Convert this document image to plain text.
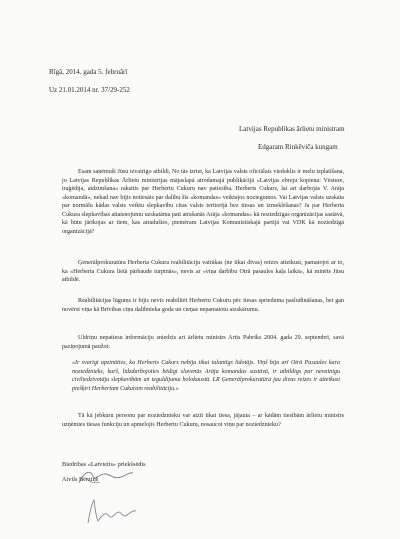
Rīgā, 2014. gada 5. februārī
Uz 21.01.2014 nr. 37/29-252
Latvijas Republikas ārlietu ministram
Edgaram Rinkēviča kungam
Esam saņēmuši Jūsu izvairīgo atbildi. No tās izriet, ka Latvijas valsts oficiālais viedoklis ir melu izplatīšana, jo Latvijas Republikas Ārlietu ministrijas mājaslapā atrodamajā publikācijā «Latvijas ebreju kopiena: Vēsture, traģēdija, atdzimšana» rakstīts par Herbertu Cukuru nav patiesība. Herberts Cukurs, lai arī darbojās V. Arāja «komandā», nekad nav bijis notiesāts par dalību šīs «komandas» veiktajos noziegumos. Vai Latvijas valsts uzskata par normālu kādas valsts veiktu slepkavību citas valsts teritorijā bez tiesas un izmeklēšanas? Ja par Herberta Cukura slepkavības attaisnojumu uzskatāma pati atrašanās Arāja «komandas» kā noziedzīgas organizācijas sastāvā, kā būtu jārīkojas ar tiem, kas atradušies, piemēram Latvijas Komunistiskajā partijā vai VDK kā noziedzīgā organizācijā?
Ģenerālprokuratūra Herberta Cukura reabilitāciju vairākas (ne tikai divas) reizes atteikusi, pamatojot ar to, ka «Herberta Cukura lietā pārbaude turpinās», nevis ar «viņa darbību Otrā pasaules kaļa laikā», kā minēts Jūsu atbildē.
Reabilitācijas lūgums ir bijis nevis reabilitēt Herbertu Cukuru pēc tiesas sprieduma pasludināšanas, bet gan novērst viņa kā Brīvības cīņu dalībnieka goda un cieņas nepamatotu aizskārumu.
Uldriņu nepatiesu informāciju sniedzis arī ārlietu ministrs Artis Pabriks 2004. gada 29. septembrī, savā paziņojumā paužot:
«Ir svarīgi apzināties, ka Herberts Cukurs nebija tikai talantīgs lidotājs. Viņš bija arī Otrā Pasaules kara noziedznieks, kurš, līdzdarbojoties bēdīgi slavenās Arāja komandas sastāvā, ir atbildīgs par nevainīgu civiliedzīvotāju slepkavībām un ieguldījumu holokaustā. LR Ģenerālprokuratūra jau divas reizes ir atteikusi piešķirt Herbertam Cukuram reabilitāciju.»
Tā kā jebkuru personu par noziedznieku var atzīt tikai tiesa, jājauta – ar kādām tiesībām ārlietu ministrs uzņēmies tiesas funkciju un apmelojis Herbertu Cukuru, nosaucot viņu par noziedznieku?
Biedrības «Latvietis» priekšsēdis
Aivils Bērziņš
